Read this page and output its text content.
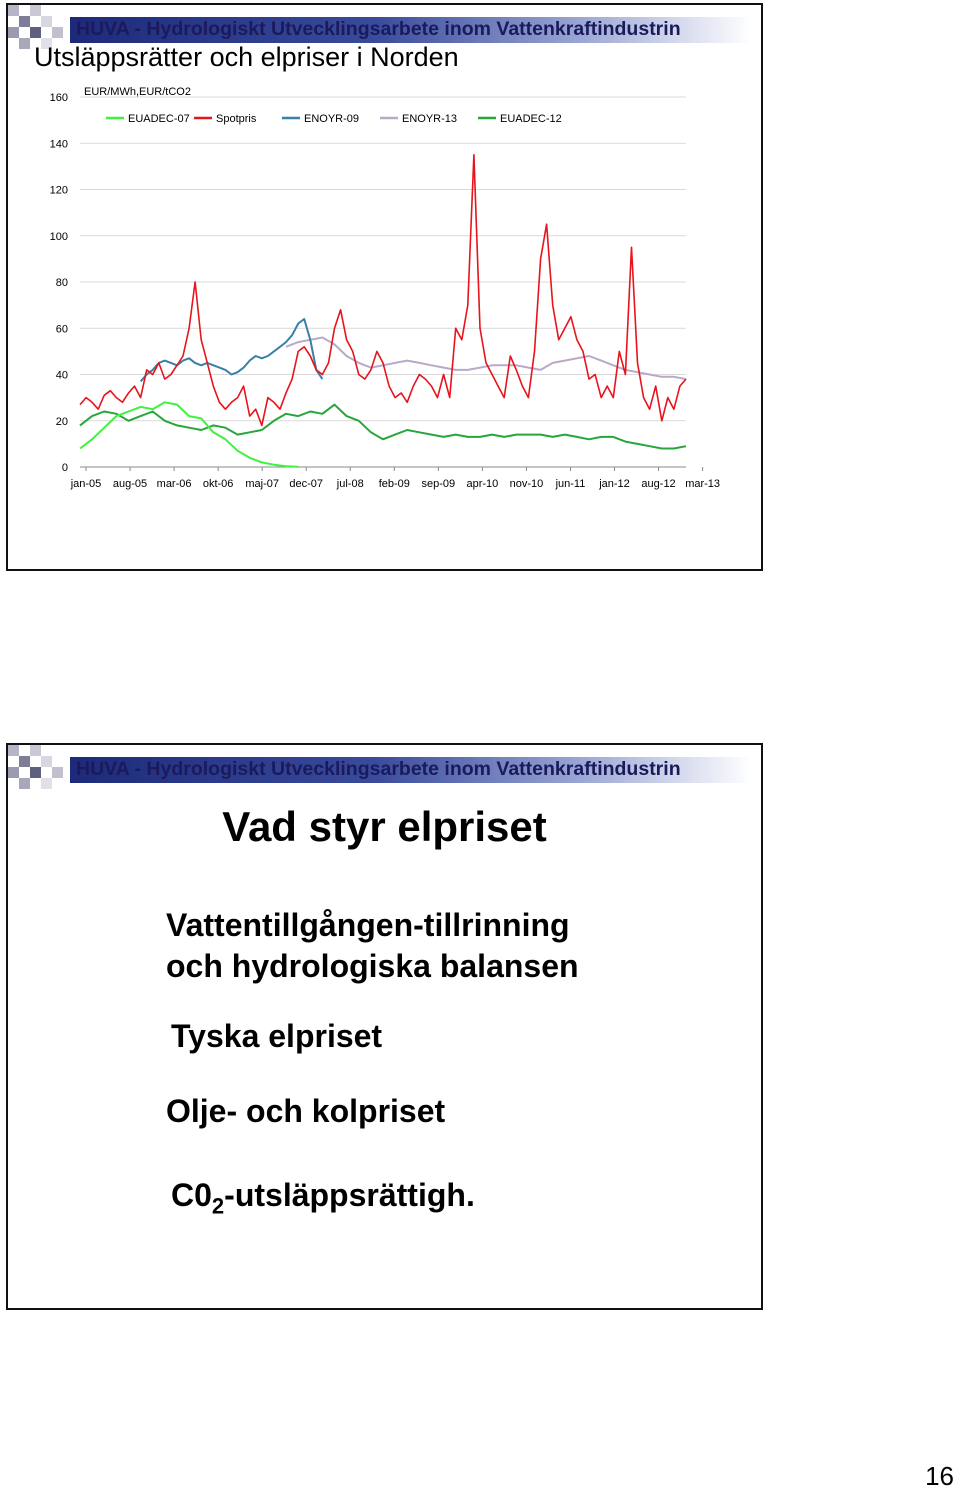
HUVA - Hydrologiskt Utvecklingsarbete inom Vattenkraftindustrin
Utsläppsrätter och elpriser i Norden
0
20
40
60
80
100
120
140
160
jan-05 aug-05 mar-06 okt-06 maj-07 dec-07 jul-08 feb-09 sep-09 apr-10 nov-10 jun-11 jan-12 aug-12 mar-13
EUR/MWh,EUR/tCO2
EUADEC-07 Spotpris	ENOYR-09	ENOYR-13	EUADEC-12
HUVA - Hydrologiskt Utvecklingsarbete inom Vattenkraftindustrin
Vad styr elpriset
Vattentillgången-tillrinning
och hydrologiska balansen
Tyska elpriset
Olje- och kolpriset
$C0_2$-utsläppsrättigh.
16
